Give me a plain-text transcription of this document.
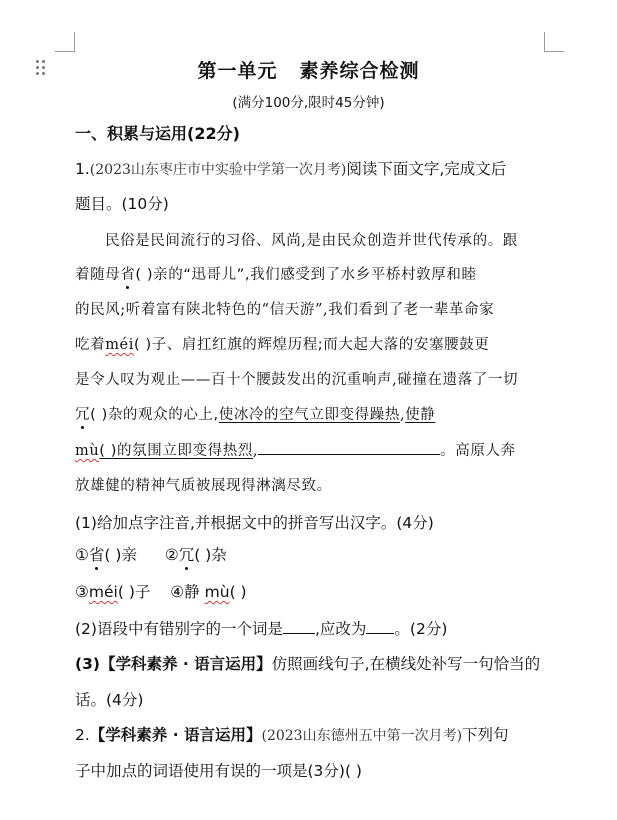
第一单元 素养综合检测
(满分100分,限时45分钟)
一、积累与运用(22分)
1.(2023山东枣庄市中实验中学第一次月考)阅读下面文字,完成文后
题目。(10分)
民俗是民间流行的习俗、风尚,是由民众创造并世代传承的。跟
着随母省( )亲的“迅哥儿”,我们感受到了水乡平桥村敦厚和睦
的民风;听着富有陕北特色的“信天游”,我们看到了老一辈革命家
吃着méi( )子、肩扛红旗的辉煌历程;而大起大落的安塞腰鼓更
是令人叹为观止——百十个腰鼓发出的沉重响声,碰撞在遗落了一切
冗( )杂的观众的心上,使冰冷的空气立即变得躁热,使静
mù( )的氛围立即变得热烈,	。高原人奔
放雄健的精神气质被展现得淋漓尽致。
(1)给加点字注音,并根据文中的拼音写出汉字。(4分)
①省( )亲 ②冗( )杂
③méi( )子 ④静 mù( )
(2)语段中有错别字的一个词是 ,应改为 。(2分)
(3)【学科素养 · 语言运用】仿照画线句子,在横线处补写一句恰当的
话。(4分)
2.【学科素养 · 语言运用】(2023山东德州五中第一次月考)下列句
子中加点的词语使用有误的一项是(3分)( )
